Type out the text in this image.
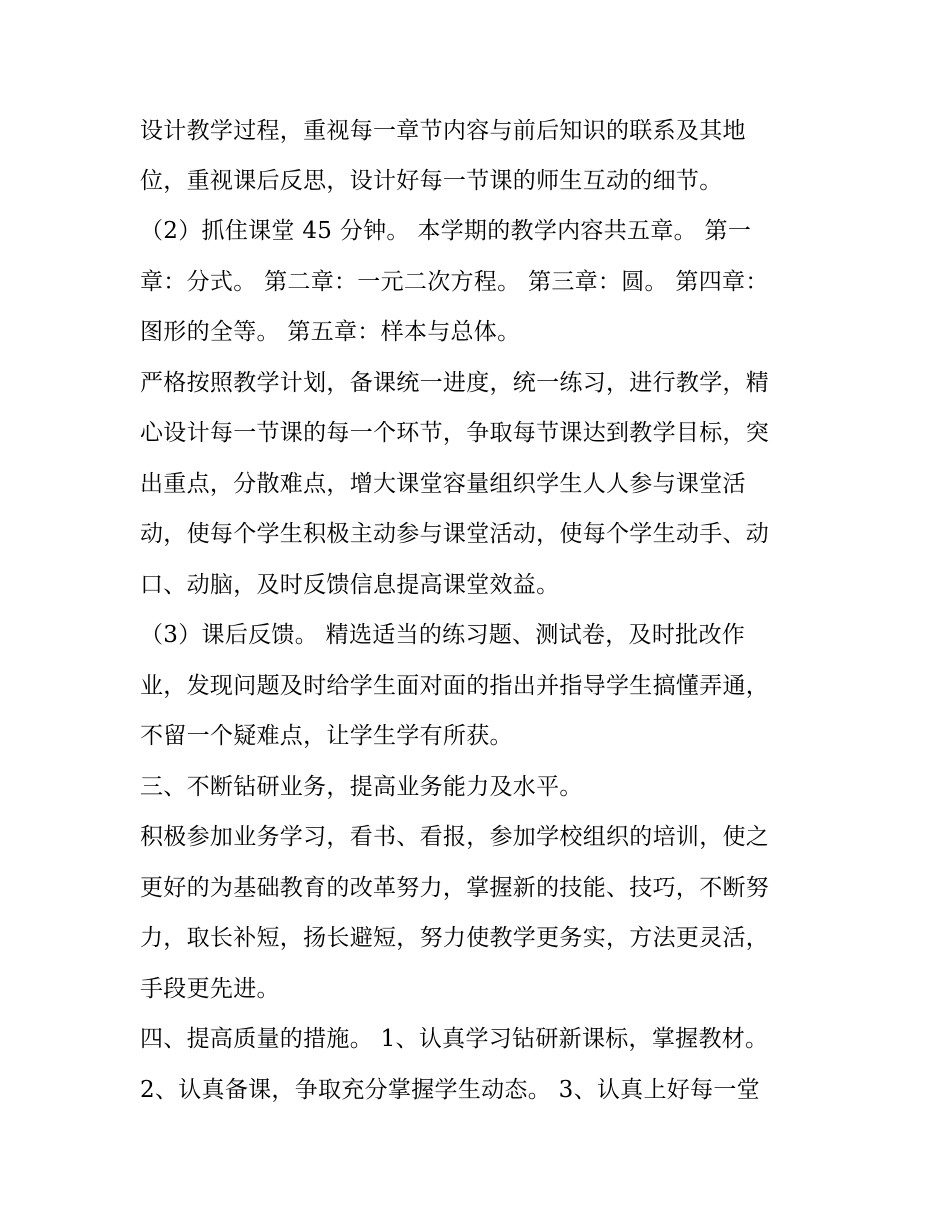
设计教学过程，重视每一章节内容与前后知识的联系及其地
位，重视课后反思，设计好每一节课的师生互动的细节。
（2）抓住课堂 45 分钟。 本学期的教学内容共五章。 第一
章：分式。 第二章：一元二次方程。 第三章：圆。 第四章：
图形的全等。 第五章：样本与总体。
严格按照教学计划，备课统一进度，统一练习，进行教学，精
心设计每一节课的每一个环节，争取每节课达到教学目标，突
出重点，分散难点，增大课堂容量组织学生人人参与课堂活
动，使每个学生积极主动参与课堂活动，使每个学生动手、动
口、动脑，及时反馈信息提高课堂效益。
（3）课后反馈。 精选适当的练习题、测试卷，及时批改作
业，发现问题及时给学生面对面的指出并指导学生搞懂弄通，
不留一个疑难点，让学生学有所获。
三、不断钻研业务，提高业务能力及水平。
积极参加业务学习，看书、看报，参加学校组织的培训，使之
更好的为基础教育的改革努力，掌握新的技能、技巧，不断努
力，取长补短，扬长避短，努力使教学更务实，方法更灵活，
手段更先进。
四、提高质量的措施。 1、认真学习钻研新课标，掌握教材。
2、认真备课，争取充分掌握学生动态。 3、认真上好每一堂
